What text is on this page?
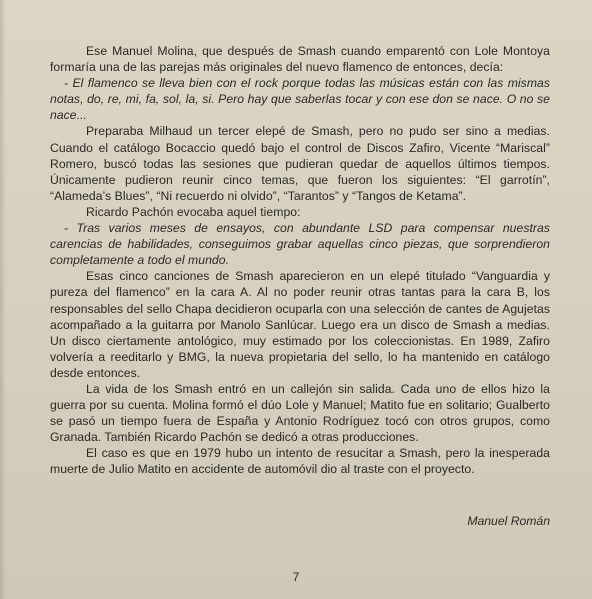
Ese Manuel Molina, que después de Smash cuando emparentó con Lole Montoya formaría una de las parejas más originales del nuevo flamenco de entonces, decía:

- El flamenco se lleva bien con el rock porque todas las músicas están con las mismas notas, do, re, mi, fa, sol, la, si. Pero hay que saberlas tocar y con ese don se nace. O no se nace...

Preparaba Milhaud un tercer elepé de Smash, pero no pudo ser sino a medias. Cuando el catálogo Bocaccio quedó bajo el control de Discos Zafiro, Vicente “Mariscal” Romero, buscó todas las sesiones que pudieran quedar de aquellos últimos tiempos. Únicamente pudieron reunir cinco temas, que fueron los siguientes: “El garrotín”, “Alameda’s Blues”, “Ni recuerdo ni olvido”, “Tarantos” y “Tangos de Ketama”.

Ricardo Pachón evocaba aquel tiempo:

- Tras varios meses de ensayos, con abundante LSD para compensar nuestras carencias de habilidades, conseguimos grabar aquellas cinco piezas, que sorprendieron completamente a todo el mundo.

Esas cinco canciones de Smash aparecieron en un elepé titulado “Vanguardia y pureza del flamenco” en la cara A. Al no poder reunir otras tantas para la cara B, los responsables del sello Chapa decidieron ocuparla con una selección de cantes de Agujetas acompañado a la guitarra por Manolo Sanlúcar. Luego era un disco de Smash a medias. Un disco ciertamente antológico, muy estimado por los coleccionistas. En 1989, Zafiro volvería a reeditarlo y BMG, la nueva propietaria del sello, lo ha mantenido en catálogo desde entonces.

La vida de los Smash entró en un callejón sin salida. Cada uno de ellos hizo la guerra por su cuenta. Molina formó el dúo Lole y Manuel; Matito fue en solitario; Gualberto se pasó un tiempo fuera de España y Antonio Rodríguez tocó con otros grupos, como Granada. También Ricardo Pachón se dedicó a otras producciones.

El caso es que en 1979 hubo un intento de resucitar a Smash, pero la inesperada muerte de Julio Matito en accidente de automóvil dio al traste con el proyecto.

Manuel Román
7
